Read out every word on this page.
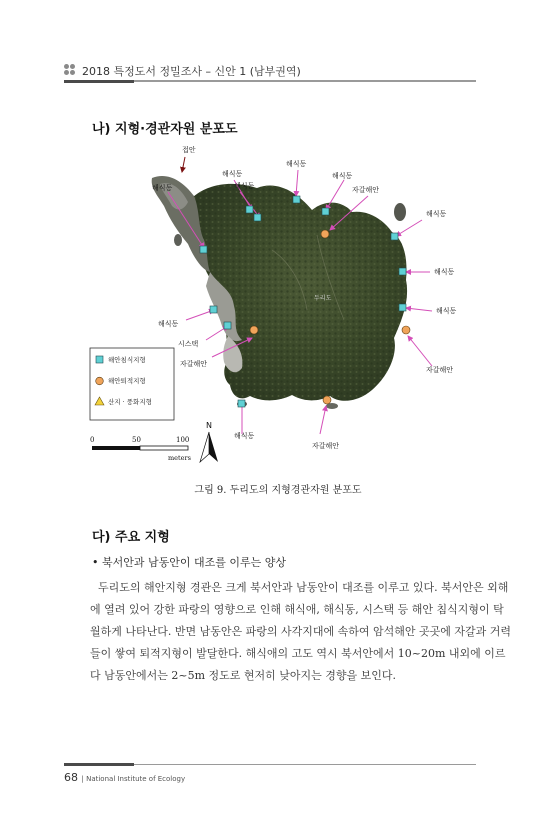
2018 특정도서 정밀조사 – 신안 1 (남부권역)
나) 지형·경관자원 분포도
두리도
접안
해식동
해식동
해식동
해식동
해식동
자갈해안
해식동
해식동
해식동
자갈해안
해식동
시스택
자갈해안
해식동
자갈해안
해안침식지형
해안퇴적지형
산지 · 풍화지형
0	50	100
meters
N
그림 9. 두리도의 지형경관자원 분포도
다) 주요 지형
• 북서안과 남동안이 대조를 이루는 양상
두리도의 해안지형 경관은 크게 북서안과 남동안이 대조를 이루고 있다. 북서안은 외해
에 열려 있어 강한 파랑의 영향으로 인해 해식애, 해식동, 시스택 등 해안 침식지형이 탁
월하게 나타난다. 반면 남동안은 파랑의 사각지대에 속하여 암석해안 곳곳에 자갈과 거력
들이 쌓여 퇴적지형이 발달한다. 해식애의 고도 역시 북서안에서 10~20m 내외에 이르
다 남동안에서는 2~5m 정도로 현저히 낮아지는 경향을 보인다.
68 | National Institute of Ecology
